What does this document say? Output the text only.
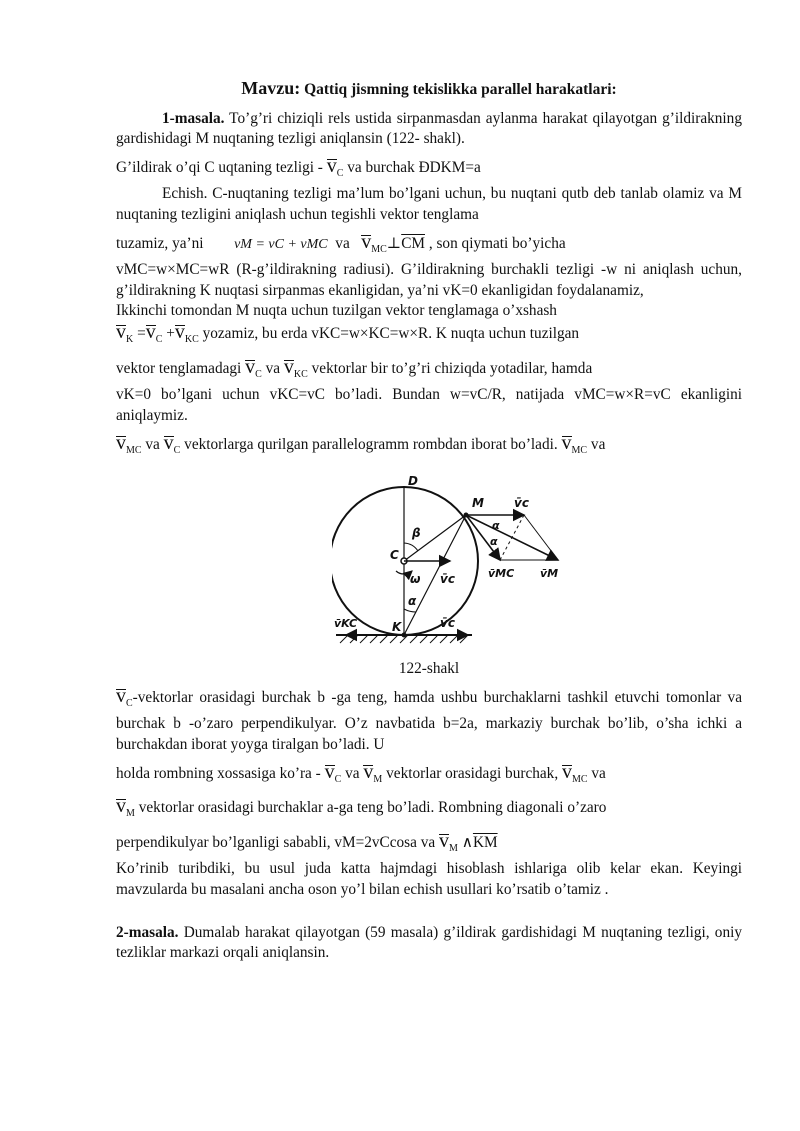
Mavzu: Qattiq jismning tekislikka parallel harakatlari:

1-masala. To’g’ri chiziqli rels ustida sirpanmasdan aylanma harakat qilayotgan g’ildirakning gardishidagi M nuqtaning tezligi aniqlansin (122- shakl).

G’ildirak o’qi C uqtaning tezligi - $v_C$ va burchak ÐDKM=a

Echish. C-nuqtaning tezligi ma’lum bo’lgani uchun, bu nuqtani qutb deb tanlab olamiz va M nuqtaning tezligini aniqlash uchun tegishli vektor tenglama

tuzamiz, ya’ni vM = vC + vMC va $v_{MC}\perp\overline{CM}$ , son qiymati bo’yicha

vMC=w×MC=wR (R-g’ildirakning radiusi). G’ildirakning burchakli tezligi -w ni aniqlash uchun, g’ildirakning K nuqtasi sirpanmas ekanligidan, ya’ni vK=0 ekanligidan foydalanamiz,

Ikkinchi tomondan M nuqta uchun tuzilgan vektor tenglamaga o’xshash

$v_K =v_C +v_{KC}$ yozamiz, bu erda vKC=w×KC=w×R. K nuqta uchun tuzilgan

vektor tenglamadagi $v_C$ va $v_{KC}$ vektorlar bir to’g’ri chiziqda yotadilar, hamda

vK=0 bo’lgani uchun vKC=vC bo’ladi. Bundan w=vC/R, natijada vMC=w×R=vC ekanligini aniqlaymiz.

$v_{MC}$ va $v_C$ vektorlarga qurilgan parallelogramm rombdan iborat bo’ladi. $v_{MC}$ va

D
M
C
K
β
α
α
α
ω v̄c
v̄c
v̄c
v̄MC v̄M
v̄KC
122-shakl

$v_C$-vektorlar orasidagi burchak b -ga teng, hamda ushbu burchaklarni tashkil etuvchi tomonlar va burchak b -o’zaro perpendikulyar. O’z navbatida b=2a, markaziy burchak bo’lib, o’sha ichki a burchakdan iborat yoyga tiralgan bo’ladi. U

holda rombning xossasiga ko’ra - $v_C$ va $v_M$ vektorlar orasidagi burchak, $v_{MC}$ va

$v_M$ vektorlar orasidagi burchaklar a-ga teng bo’ladi. Rombning diagonali o’zaro

perpendikulyar bo’lganligi sababli, vM=2vCcosa va $v_M$ $\wedge\overline{KM}$

Ko’rinib turibdiki, bu usul juda katta hajmdagi hisoblash ishlariga olib kelar ekan. Keyingi mavzularda bu masalani ancha oson yo’l bilan echish usullari ko’rsatib o’tamiz .

2-masala. Dumalab harakat qilayotgan (59 masala) g’ildirak gardishidagi M nuqtaning tezligi, oniy tezliklar markazi orqali aniqlansin.
